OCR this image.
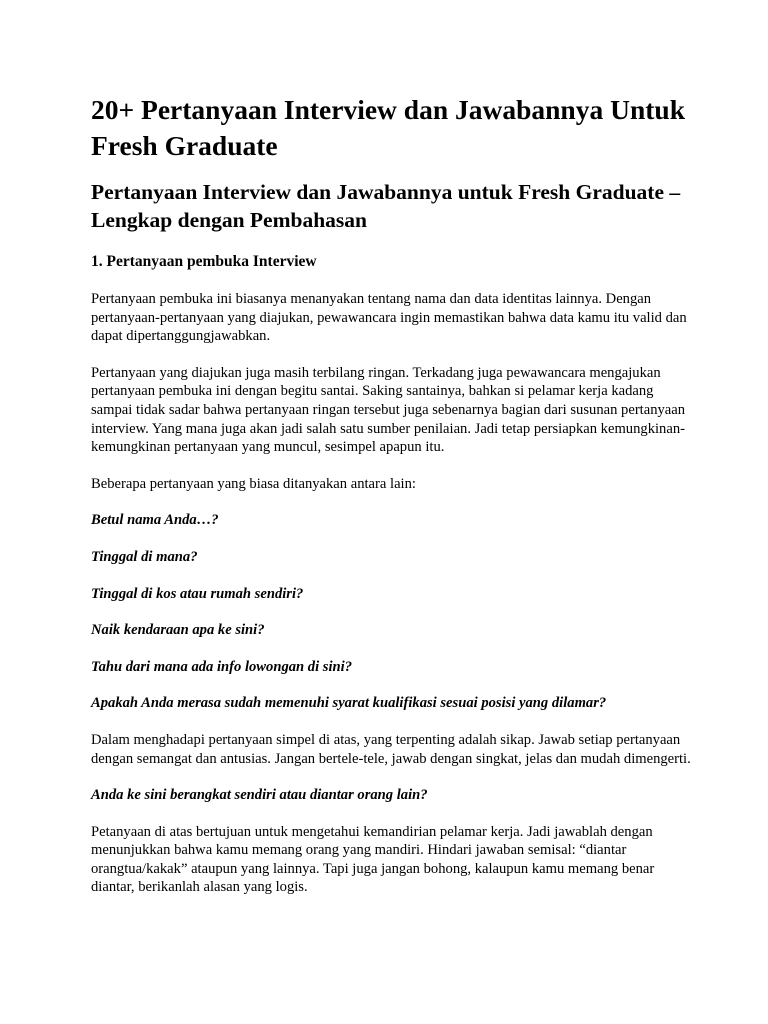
20+ Pertanyaan Interview dan Jawabannya Untuk Fresh Graduate
Pertanyaan Interview dan Jawabannya untuk Fresh Graduate – Lengkap dengan Pembahasan
1. Pertanyaan pembuka Interview

Pertanyaan pembuka ini biasanya menanyakan tentang nama dan data identitas lainnya. Dengan pertanyaan-pertanyaan yang diajukan, pewawancara ingin memastikan bahwa data kamu itu valid dan dapat dipertanggungjawabkan.

Pertanyaan yang diajukan juga masih terbilang ringan. Terkadang juga pewawancara mengajukan pertanyaan pembuka ini dengan begitu santai. Saking santainya, bahkan si pelamar kerja kadang sampai tidak sadar bahwa pertanyaan ringan tersebut juga sebenarnya bagian dari susunan pertanyaan interview. Yang mana juga akan jadi salah satu sumber penilaian. Jadi tetap persiapkan kemungkinan-kemungkinan pertanyaan yang muncul, sesimpel apapun itu.

Beberapa pertanyaan yang biasa ditanyakan antara lain:

Betul nama Anda…?

Tinggal di mana?

Tinggal di kos atau rumah sendiri?

Naik kendaraan apa ke sini?

Tahu dari mana ada info lowongan di sini?

Apakah Anda merasa sudah memenuhi syarat kualifikasi sesuai posisi yang dilamar?

Dalam menghadapi pertanyaan simpel di atas, yang terpenting adalah sikap. Jawab setiap pertanyaan dengan semangat dan antusias. Jangan bertele-tele, jawab dengan singkat, jelas dan mudah dimengerti.

Anda ke sini berangkat sendiri atau diantar orang lain?

Petanyaan di atas bertujuan untuk mengetahui kemandirian pelamar kerja. Jadi jawablah dengan menunjukkan bahwa kamu memang orang yang mandiri. Hindari jawaban semisal: “diantar orangtua/kakak” ataupun yang lainnya. Tapi juga jangan bohong, kalaupun kamu memang benar diantar, berikanlah alasan yang logis.
